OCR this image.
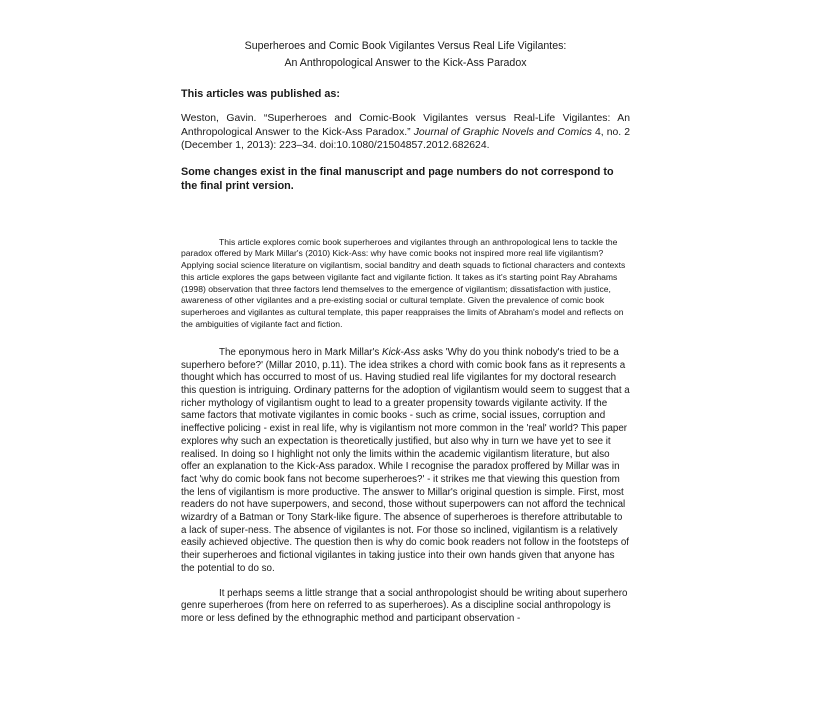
Superheroes and Comic Book Vigilantes Versus Real Life Vigilantes:
An Anthropological Answer to the Kick-Ass Paradox

This articles was published as:

Weston, Gavin. “Superheroes and Comic-Book Vigilantes versus Real-Life Vigilantes: An Anthropological Answer to the Kick-Ass Paradox.” Journal of Graphic Novels and Comics 4, no. 2 (December 1, 2013): 223–34. doi:10.1080/21504857.2012.682624.

Some changes exist in the final manuscript and page numbers do not correspond to the final print version.

This article explores comic book superheroes and vigilantes through an anthropological lens to tackle the paradox offered by Mark Millar's (2010) Kick-Ass: why have comic books not inspired more real life vigilantism? Applying social science literature on vigilantism, social banditry and death squads to fictional characters and contexts this article explores the gaps between vigilante fact and vigilante fiction. It takes as it's starting point Ray Abrahams (1998) observation that three factors lend themselves to the emergence of vigilantism; dissatisfaction with justice, awareness of other vigilantes and a pre-existing social or cultural template. Given the prevalence of comic book superheroes and vigilantes as cultural template, this paper reappraises the limits of Abraham's model and reflects on the ambiguities of vigilante fact and fiction.

The eponymous hero in Mark Millar's Kick-Ass asks 'Why do you think nobody's tried to be a superhero before?' (Millar 2010, p.11). The idea strikes a chord with comic book fans as it represents a thought which has occurred to most of us. Having studied real life vigilantes for my doctoral research this question is intriguing. Ordinary patterns for the adoption of vigilantism would seem to suggest that a richer mythology of vigilantism ought to lead to a greater propensity towards vigilante activity. If the same factors that motivate vigilantes in comic books - such as crime, social issues, corruption and ineffective policing - exist in real life, why is vigilantism not more common in the 'real' world? This paper explores why such an expectation is theoretically justified, but also why in turn we have yet to see it realised. In doing so I highlight not only the limits within the academic vigilantism literature, but also offer an explanation to the Kick-Ass paradox. While I recognise the paradox proffered by Millar was in fact 'why do comic book fans not become superheroes?' - it strikes me that viewing this question from the lens of vigilantism is more productive. The answer to Millar's original question is simple. First, most readers do not have superpowers, and second, those without superpowers can not afford the technical wizardry of a Batman or Tony Stark-like figure. The absence of superheroes is therefore attributable to a lack of super-ness. The absence of vigilantes is not. For those so inclined, vigilantism is a relatively easily achieved objective. The question then is why do comic book readers not follow in the footsteps of their superheroes and fictional vigilantes in taking justice into their own hands given that anyone has the potential to do so.

It perhaps seems a little strange that a social anthropologist should be writing about superhero genre superheroes (from here on referred to as superheroes). As a discipline social anthropology is more or less defined by the ethnographic method and participant observation -
